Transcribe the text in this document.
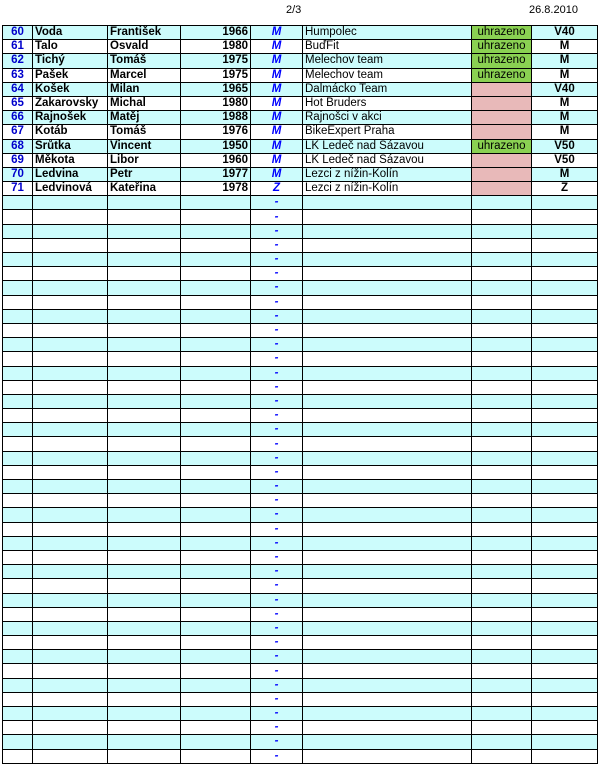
2/3	26.8.2010
60	Voda	František	1966	M	Humpolec	uhrazeno	V40
61	Talo	Osvald	1980	M	BuďFit	uhrazeno	M
62	Tichý	Tomáš	1975	M	Melechov team	uhrazeno	M
63	Pašek	Marcel	1975	M	Melechov team	uhrazeno	M
64	Košek	Milan	1965	M	Dalmácko Team		V40
65	Zakarovsky	Michal	1980	M	Hot Bruders		M
66	Rajnošek	Matěj	1988	M	Rajnošci v akci		M
67	Kotáb	Tomáš	1976	M	BikeExpert Praha		M
68	Šrůtka	Vincent	1950	M	LK Ledeč nad Sázavou	uhrazeno	V50
69	Měkota	Libor	1960	M	LK Ledeč nad Sázavou		V50
70	Ledvina	Petr	1977	M	Lezci z nížin-Kolín		M
71	Ledvinová	Kateřina	1978	Z	Lezci z nížin-Kolín		Z
				-			
				-			
				-			
				-			
				-			
				-			
				-			
				-			
				-			
				-			
				-			
				-			
				-			
				-			
				-			
				-			
				-			
				-			
				-			
				-			
				-			
				-			
				-			
				-			
				-			
				-			
				-			
				-			
				-			
				-			
				-			
				-			
				-			
				-			
				-			
				-			
				-			
				-			
				-			
				-			
